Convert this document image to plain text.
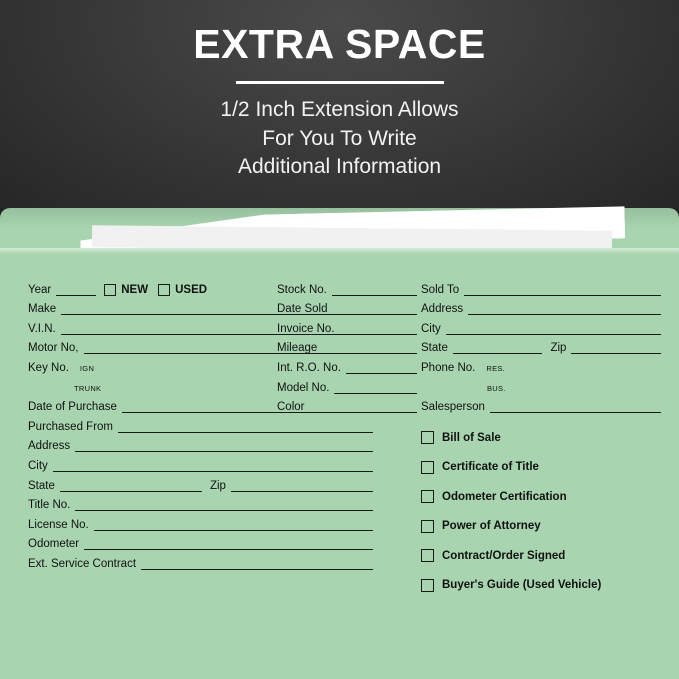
EXTRA SPACE
1/2 Inch Extension Allows
For You To Write
Additional Information
Year	NEW USED
Make
V.I.N.
Motor No,
Key No. IGN
TRUNK
Date of Purchase
Purchased From
Address
City
State	Zip
Title No.
License No.
Odometer
Ext. Service Contract
Stock No.
Date Sold
Invoice No.
Mileage
Int. R.O. No.
Model No.
Color
Sold To
Address
City
State	Zip
Phone No. RES.
BUS.
Salesperson
Bill of Sale
Certificate of Title
Odometer Certification
Power of Attorney
Contract/Order Signed
Buyer's Guide (Used Vehicle)
